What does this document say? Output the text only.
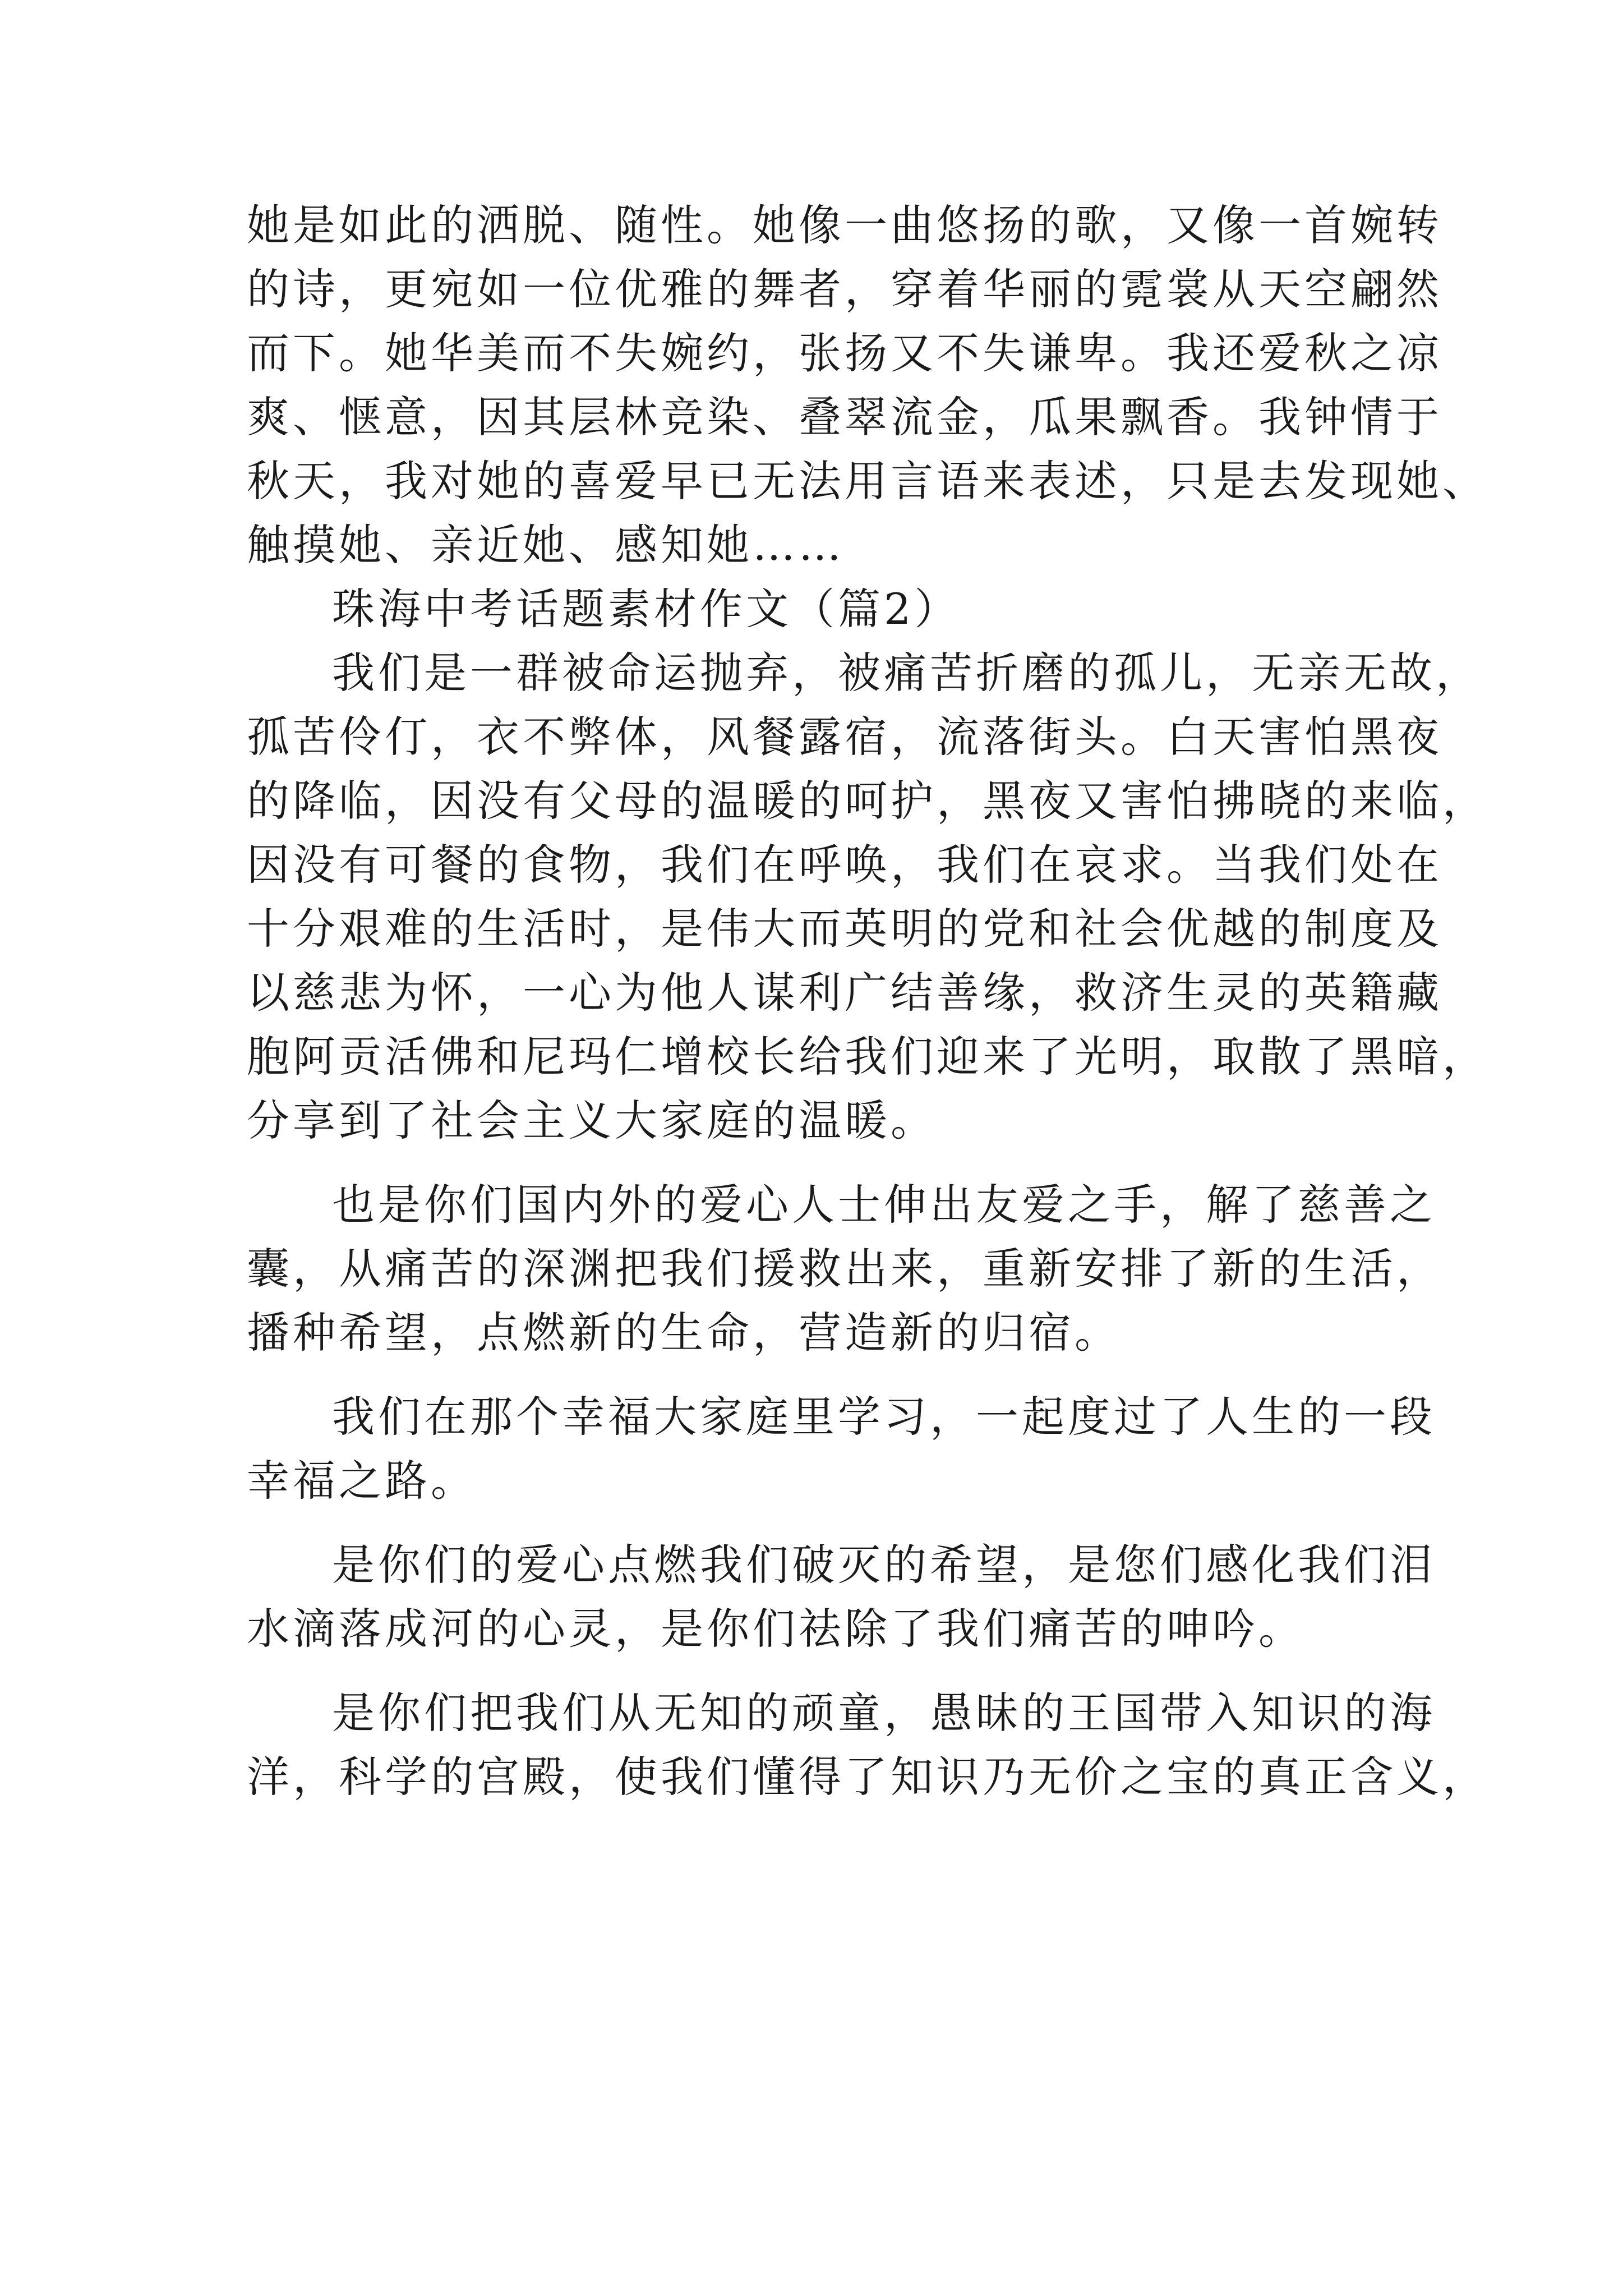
她是如此的洒脱、随性。她像一曲悠扬的歌，又像一首婉转
的诗，更宛如一位优雅的舞者，穿着华丽的霓裳从天空翩然
而下。她华美而不失婉约，张扬又不失谦卑。我还爱秋之凉
爽、惬意，因其层林竞染、叠翠流金，瓜果飘香。我钟情于
秋天，我对她的喜爱早已无法用言语来表述，只是去发现她、
触摸她、亲近她、感知她……
珠海中考话题素材作文（篇2）
我们是一群被命运抛弃，被痛苦折磨的孤儿，无亲无故，
孤苦伶仃，衣不弊体，风餐露宿，流落街头。白天害怕黑夜
的降临，因没有父母的温暖的呵护，黑夜又害怕拂晓的来临，
因没有可餐的食物，我们在呼唤，我们在哀求。当我们处在
十分艰难的生活时，是伟大而英明的党和社会优越的制度及
以慈悲为怀，一心为他人谋利广结善缘，救济生灵的英籍藏
胞阿贡活佛和尼玛仁增校长给我们迎来了光明，取散了黑暗，
分享到了社会主义大家庭的温暖。
也是你们国内外的爱心人士伸出友爱之手，解了慈善之
囊，从痛苦的深渊把我们援救出来，重新安排了新的生活，
播种希望，点燃新的生命，营造新的归宿。
我们在那个幸福大家庭里学习，一起度过了人生的一段
幸福之路。
是你们的爱心点燃我们破灭的希望，是您们感化我们泪
水滴落成河的心灵，是你们祛除了我们痛苦的呻吟。
是你们把我们从无知的顽童，愚昧的王国带入知识的海
洋，科学的宫殿，使我们懂得了知识乃无价之宝的真正含义，
